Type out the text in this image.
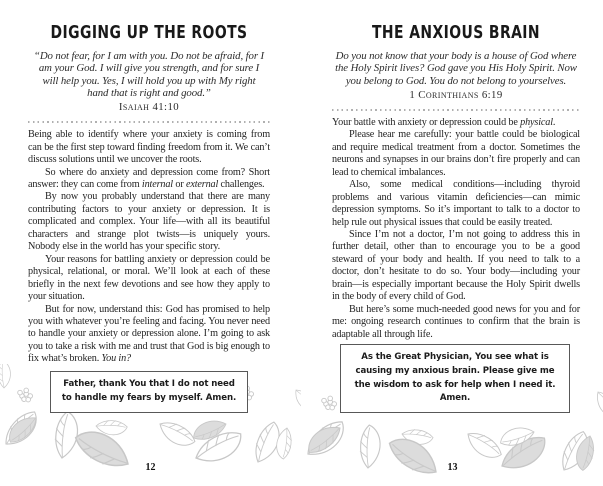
DIGGING UP THE ROOTS
“Do not fear, for I am with you. Do not be afraid, for I am your God. I will give you strength, and for sure I will help you. Yes, I will hold you up with My right hand that is right and good.”
Isaiah 41:10

Being able to identify where your anxiety is coming from can be the first step toward finding freedom from it. We can’t discuss solutions until we uncover the roots.

So where do anxiety and depression come from? Short answer: they can come from internal or external challenges.

By now you probably understand that there are many contributing factors to your anxiety or depression. It is complicated and complex. Your life—with all its beautiful characters and strange plot twists—is uniquely yours. Nobody else in the world has your specific story.

Your reasons for battling anxiety or depression could be physical, relational, or moral. We’ll look at each of these briefly in the next few devotions and see how they apply to your situation.

But for now, understand this: God has promised to help you with whatever you’re feeling and facing. You never need to handle your anxiety or depression alone. I’m going to ask you to take a risk with me and trust that God is big enough to fix what’s broken. You in?

Father, thank You that I do not need to handle my fears by myself. Amen.

12
THE ANXIOUS BRAIN
Do you not know that your body is a house of God where the Holy Spirit lives? God gave you His Holy Spirit. Now you belong to God. You do not belong to yourselves.
1 Corinthians 6:19

Your battle with anxiety or depression could be physical.

Please hear me carefully: your battle could be biological and require medical treatment from a doctor. Sometimes the neurons and synapses in our brains don’t fire properly and can lead to chemical imbalances.

Also, some medical conditions—including thyroid problems and various vitamin deficiencies—can mimic depression symptoms. So it’s important to talk to a doctor to help rule out physical issues that could be easily treated.

Since I’m not a doctor, I’m not going to address this in further detail, other than to encourage you to be a good steward of your body and health. If you need to talk to a doctor, don’t hesitate to do so. Your body—including your brain—is especially important because the Holy Spirit dwells in the body of every child of God.

But here’s some much-needed good news for you and for me: ongoing research continues to confirm that the brain is adaptable all through life.

As the Great Physician, You see what is causing my anxious brain. Please give me the wisdom to ask for help when I need it. Amen.

13
